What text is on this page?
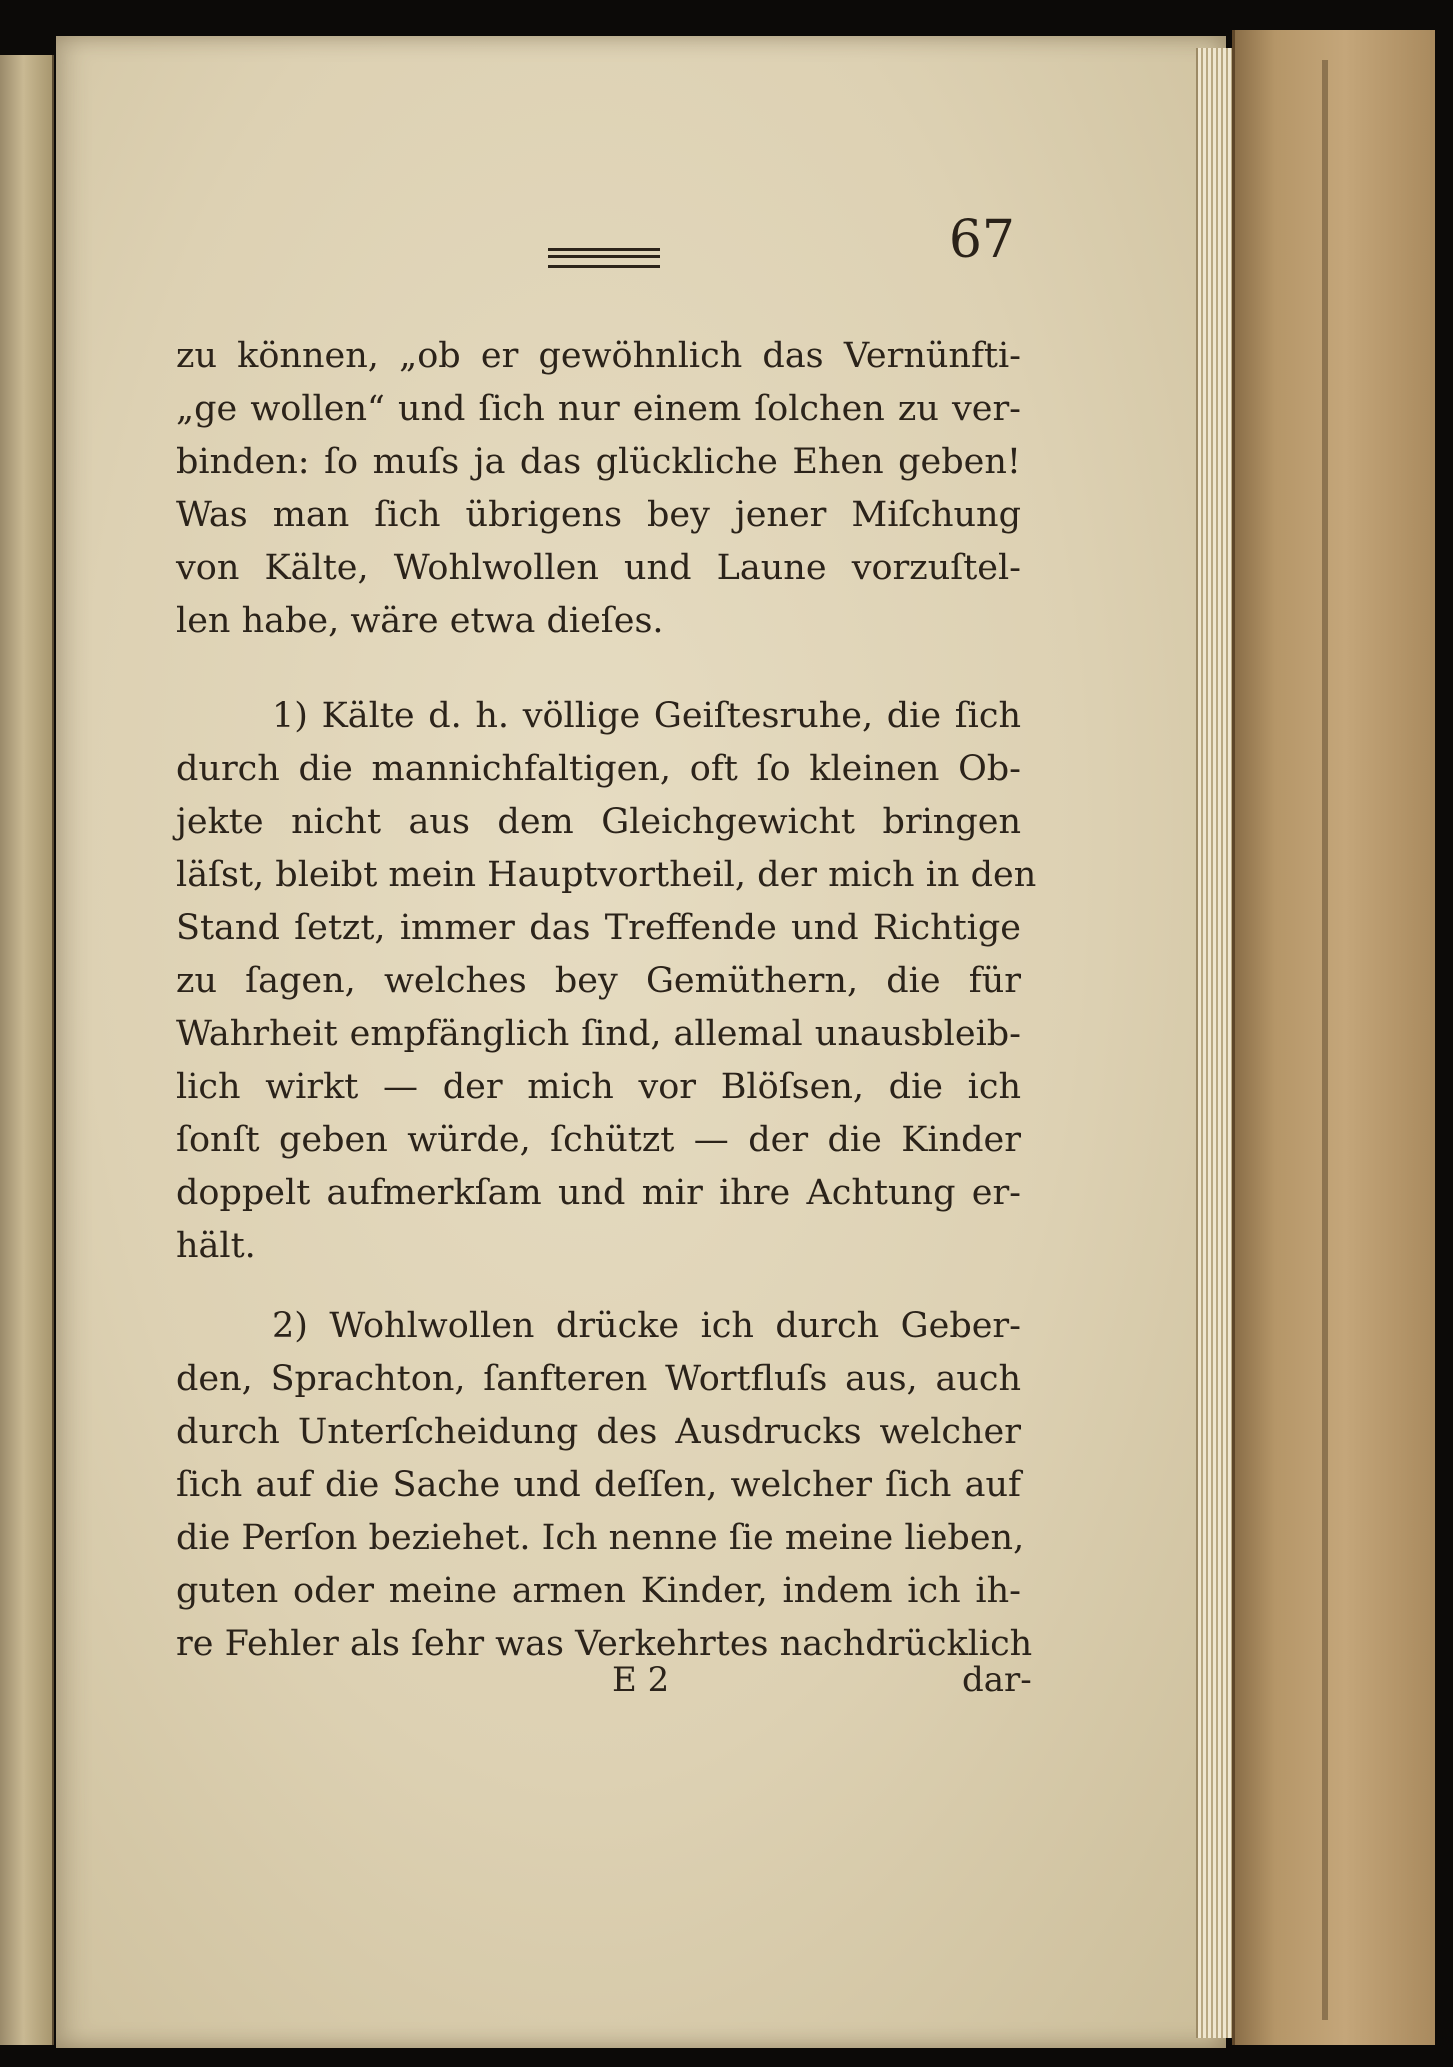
67
zu können, „ob er gewöhnlich das Vernünfti-
„ge wollen“ und ſich nur einem ſolchen zu ver-
binden: ſo muſs ja das glückliche Ehen geben!
Was man ſich übrigens bey jener Miſchung
von Kälte, Wohlwollen und Laune vorzuſtel-
len habe, wäre etwa dieſes.
1) Kälte d. h. völlige Geiſtesruhe, die ſich
durch die mannichfaltigen, oft ſo kleinen Ob-
jekte nicht aus dem Gleichgewicht bringen
läſst, bleibt mein Hauptvortheil, der mich in den
Stand ſetzt, immer das Treffende und Richtige
zu ſagen, welches bey Gemüthern, die für
Wahrheit empfänglich ſind, allemal unausbleib-
lich wirkt — der mich vor Blöſsen, die ich
ſonſt geben würde, ſchützt — der die Kinder
doppelt aufmerkſam und mir ihre Achtung er-
hält.
2) Wohlwollen drücke ich durch Geber-
den, Sprachton, ſanfteren Wortfluſs aus, auch
durch Unterſcheidung des Ausdrucks welcher
ſich auf die Sache und deſſen, welcher ſich auf
die Perſon beziehet. Ich nenne ſie meine lieben,
guten oder meine armen Kinder, indem ich ih-
re Fehler als ſehr was Verkehrtes nachdrücklich
E 2	dar-
